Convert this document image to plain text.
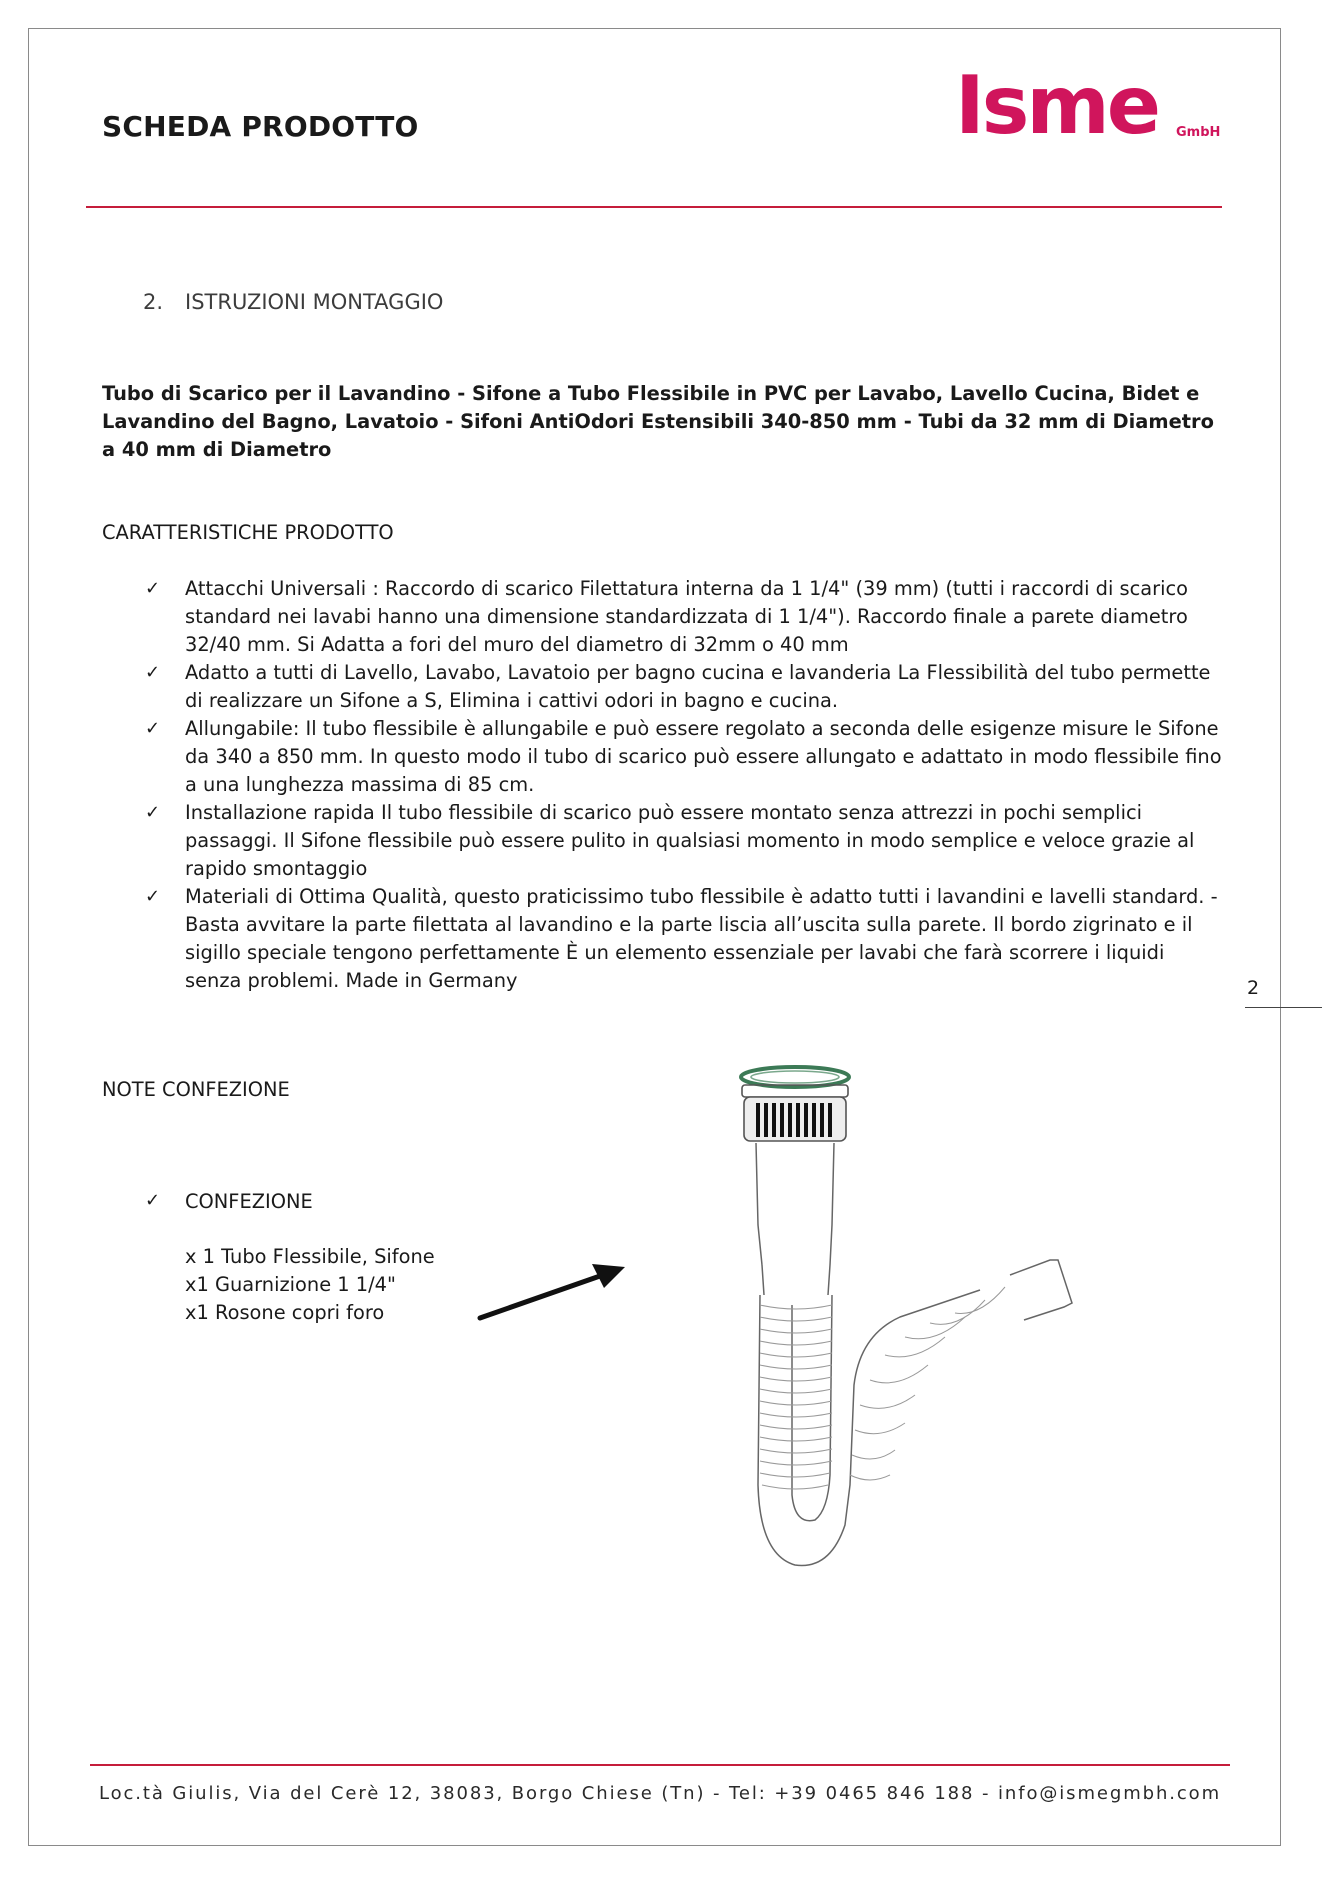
SCHEDA PRODOTTO	Isme GmbH
2. ISTRUZIONI MONTAGGIO
Tubo di Scarico per il Lavandino - Sifone a Tubo Flessibile in PVC per Lavabo, Lavello Cucina, Bidet e Lavandino del Bagno, Lavatoio - Sifoni AntiOdori Estensibili 340-850 mm - Tubi da 32 mm di Diametro a 40 mm di Diametro
CARATTERISTICHE PRODOTTO
✓ Attacchi Universali : Raccordo di scarico Filettatura interna da 1 1/4" (39 mm) (tutti i raccordi di scarico standard nei lavabi hanno una dimensione standardizzata di 1 1/4"). Raccordo finale a parete diametro 32/40 mm. Si Adatta a fori del muro del diametro di 32mm o 40 mm
✓ Adatto a tutti di Lavello, Lavabo, Lavatoio per bagno cucina e lavanderia La Flessibilità del tubo permette di realizzare un Sifone a S, Elimina i cattivi odori in bagno e cucina.
✓ Allungabile: Il tubo flessibile è allungabile e può essere regolato a seconda delle esigenze misure le Sifone da 340 a 850 mm. In questo modo il tubo di scarico può essere allungato e adattato in modo flessibile fino a una lunghezza massima di 85 cm.
✓ Installazione rapida Il tubo flessibile di scarico può essere montato senza attrezzi in pochi semplici passaggi. Il Sifone flessibile può essere pulito in qualsiasi momento in modo semplice e veloce grazie al rapido smontaggio
✓ Materiali di Ottima Qualità, questo praticissimo tubo flessibile è adatto tutti i lavandini e lavelli standard. - Basta avvitare la parte filettata al lavandino e la parte liscia all’uscita sulla parete. Il bordo zigrinato e il sigillo speciale tengono perfettamente È un elemento essenziale per lavabi che farà scorrere i liquidi senza problemi. Made in Germany	2
NOTE CONFEZIONE
✓ CONFEZIONE
x 1 Tubo Flessibile, Sifone
x1 Guarnizione 1 1/4"
x1 Rosone copri foro
Loc.tà Giulis, Via del Cerè 12, 38083, Borgo Chiese (Tn) - Tel: +39 0465 846 188 - info@ismegmbh.com
